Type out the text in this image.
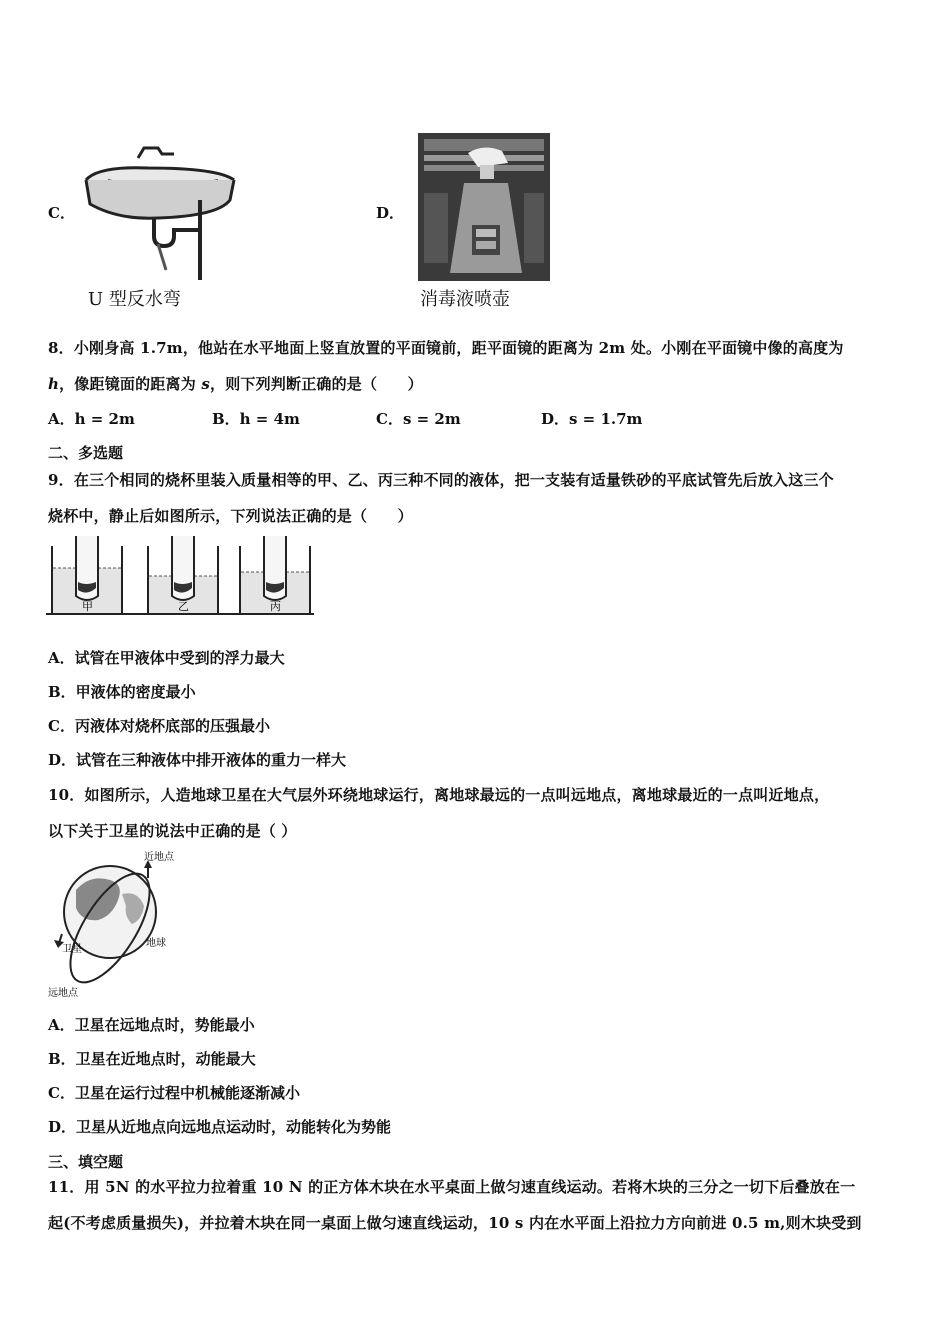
C．
U 型反水弯
D．
消毒液喷壶
8．小刚身高 1.7m，他站在水平地面上竖直放置的平面镜前，距平面镜的距离为 2m 处。小刚在平面镜中像的高度为
h，像距镜面的距离为 s，则下列判断正确的是（　　）
A．h = 2m	B．h = 4m	C．s = 2m	D．s = 1.7m
二、多选题
9．在三个相同的烧杯里装入质量相等的甲、乙、丙三种不同的液体，把一支装有适量铁砂的平底试管先后放入这三个
烧杯中，静止后如图所示，下列说法正确的是（　　）
甲	乙	丙
A．试管在甲液体中受到的浮力最大
B．甲液体的密度最小
C．丙液体对烧杯底部的压强最小
D．试管在三种液体中排开液体的重力一样大
10．如图所示，人造地球卫星在大气层外环绕地球运行，离地球最远的一点叫远地点，离地球最近的一点叫近地点，
以下关于卫星的说法中正确的是（ ）
近地点
卫星
地球
远地点
A．卫星在远地点时，势能最小
B．卫星在近地点时，动能最大
C．卫星在运行过程中机械能逐渐减小
D．卫星从近地点向远地点运动时，动能转化为势能
三、填空题
11．用 5N 的水平拉力拉着重 10 N 的正方体木块在水平桌面上做匀速直线运动。若将木块的三分之一切下后叠放在一
起(不考虑质量损失)，并拉着木块在同一桌面上做匀速直线运动，10 s 内在水平面上沿拉力方向前进 0.5 m,则木块受到
